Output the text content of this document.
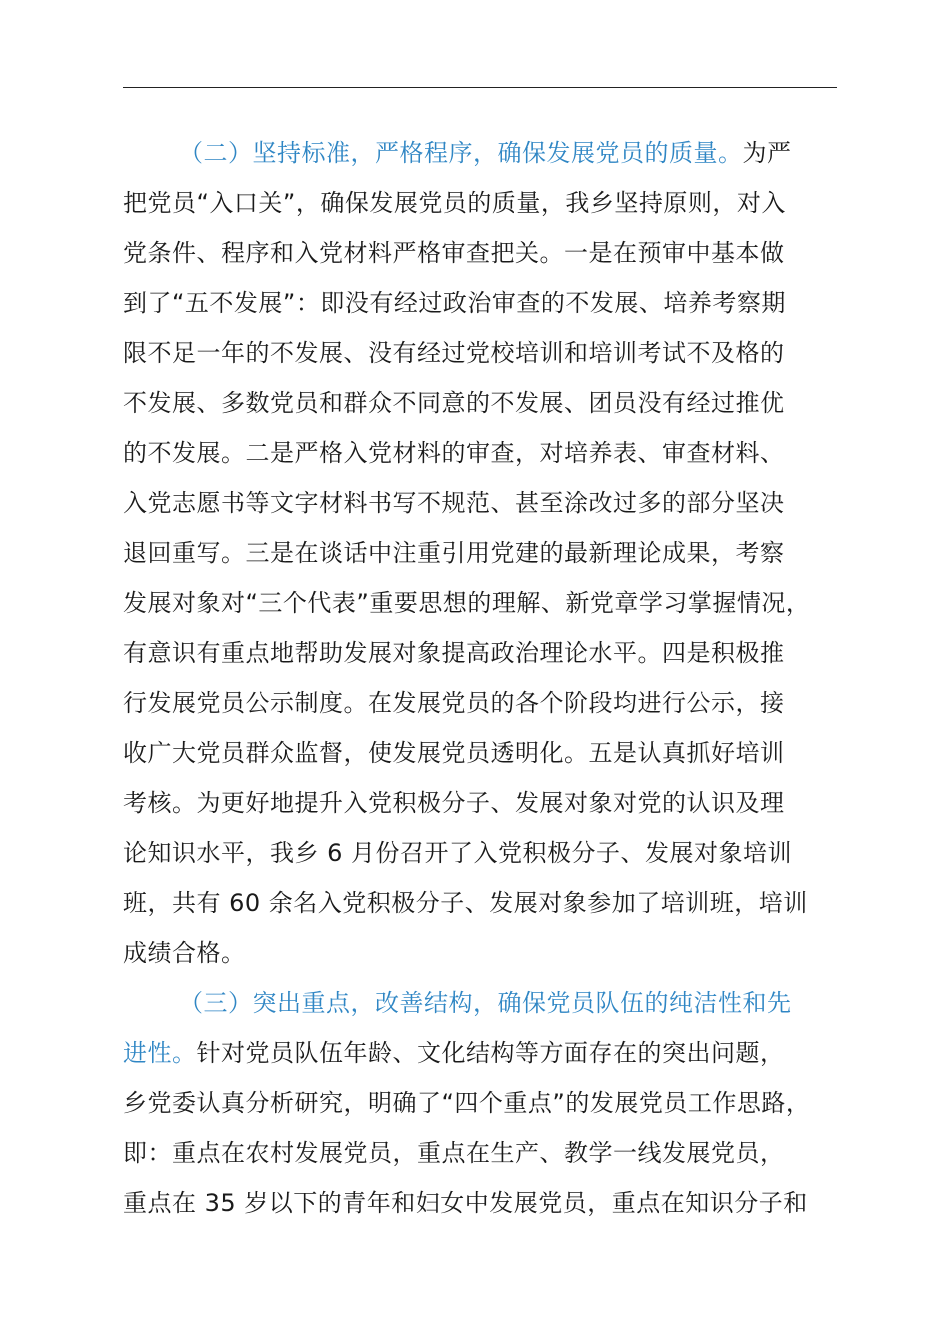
（二）坚持标准，严格程序，确保发展党员的质量。为严
把党员“入口关”，确保发展党员的质量，我乡坚持原则，对入
党条件、程序和入党材料严格审查把关。一是在预审中基本做
到了“五不发展”：即没有经过政治审查的不发展、培养考察期
限不足一年的不发展、没有经过党校培训和培训考试不及格的
不发展、多数党员和群众不同意的不发展、团员没有经过推优
的不发展。二是严格入党材料的审查，对培养表、审查材料、
入党志愿书等文字材料书写不规范、甚至涂改过多的部分坚决
退回重写。三是在谈话中注重引用党建的最新理论成果，考察
发展对象对“三个代表”重要思想的理解、新党章学习掌握情况，
有意识有重点地帮助发展对象提高政治理论水平。四是积极推
行发展党员公示制度。在发展党员的各个阶段均进行公示，接
收广大党员群众监督，使发展党员透明化。五是认真抓好培训
考核。为更好地提升入党积极分子、发展对象对党的认识及理
论知识水平，我乡 6 月份召开了入党积极分子、发展对象培训
班，共有 60 余名入党积极分子、发展对象参加了培训班，培训
成绩合格。
（三）突出重点，改善结构，确保党员队伍的纯洁性和先
进性。针对党员队伍年龄、文化结构等方面存在的突出问题，
乡党委认真分析研究，明确了“四个重点”的发展党员工作思路，
即：重点在农村发展党员，重点在生产、教学一线发展党员，
重点在 35 岁以下的青年和妇女中发展党员，重点在知识分子和
